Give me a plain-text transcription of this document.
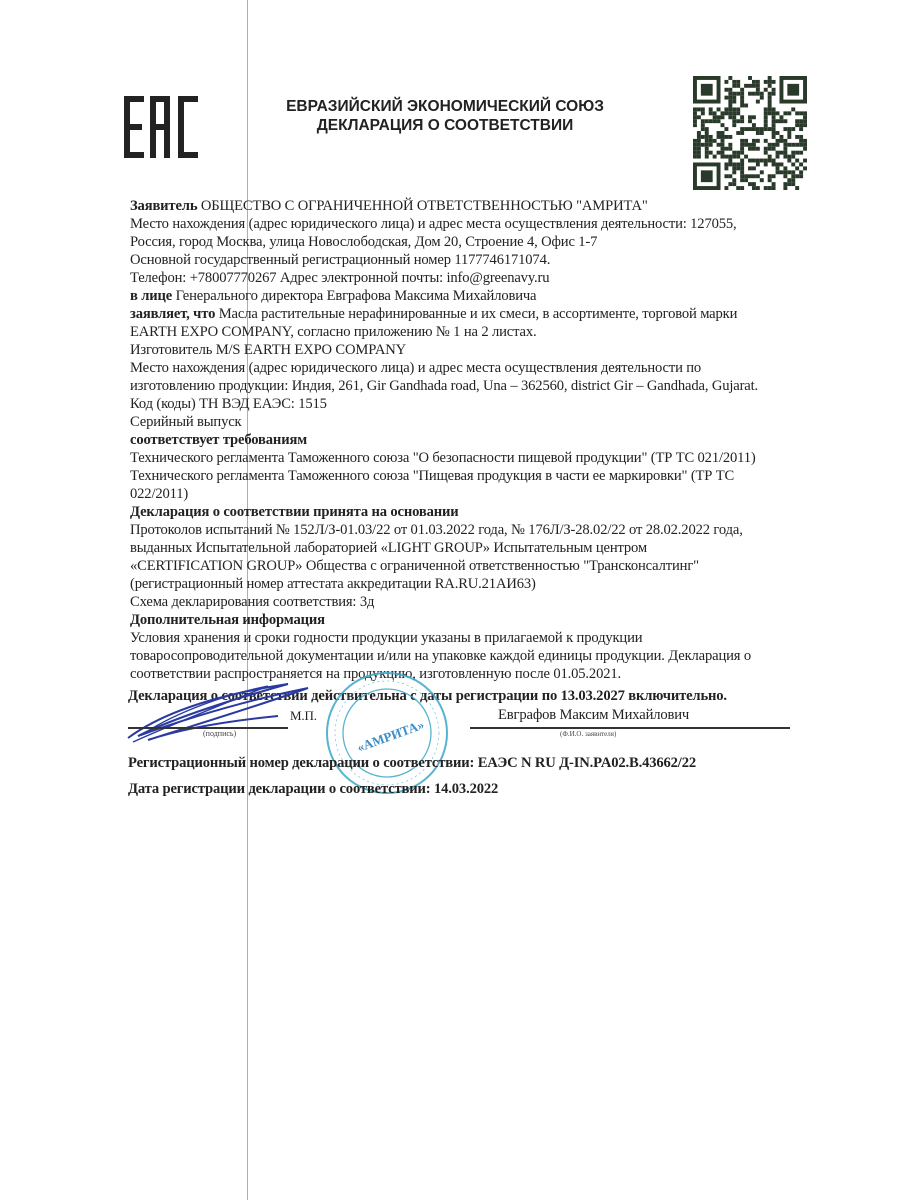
ЕВРАЗИЙСКИЙ ЭКОНОМИЧЕСКИЙ СОЮЗ
ДЕКЛАРАЦИЯ О СООТВЕТСТВИИ
Заявитель ОБЩЕСТВО С ОГРАНИЧЕННОЙ ОТВЕТСТВЕННОСТЬЮ "АМРИТА"
Место нахождения (адрес юридического лица) и адрес места осуществления деятельности: 127055,
Россия, город Москва, улица Новослободская, Дом 20, Строение 4, Офис 1-7
Основной государственный регистрационный номер 1177746171074.
Телефон: +78007770267 Адрес электронной почты: info@greenavy.ru
в лице Генерального директора Евграфова Максима Михайловича
заявляет, что Масла растительные нерафинированные и их смеси, в ассортименте, торговой марки
EARTH EXPO COMPANY, согласно приложению № 1 на 2 листах.
Изготовитель M/S EARTH EXPO COMPANY
Место нахождения (адрес юридического лица) и адрес места осуществления деятельности по
изготовлению продукции: Индия, 261, Gir Gandhada road, Una – 362560, district Gir – Gandhada, Gujarat.
Код (коды) ТН ВЭД ЕАЭС: 1515
Серийный выпуск
соответствует требованиям
Технического регламента Таможенного союза "О безопасности пищевой продукции" (ТР ТС 021/2011)
Технического регламента Таможенного союза "Пищевая продукция в части ее маркировки" (ТР ТС
022/2011)
Декларация о соответствии принята на основании
Протоколов испытаний № 152Л/З-01.03/22 от 01.03.2022 года, № 176Л/З-28.02/22 от 28.02.2022 года,
выданных Испытательной лабораторией «LIGHT GROUP» Испытательным центром
«CERTIFICATION GROUP» Общества с ограниченной ответственностью "Трансконсалтинг"
(регистрационный номер аттестата аккредитации RA.RU.21АИ63)
Схема декларирования соответствия: 3д
Дополнительная информация
Условия хранения и сроки годности продукции указаны в прилагаемой к продукции
товаросопроводительной документации и/или на упаковке каждой единицы продукции. Декларация о
соответствии распространяется на продукцию, изготовленную после 01.05.2021.
Декларация о соответствии действительна с даты регистрации по 13.03.2027 включительно.
«АМРИТА»
М.П.	Евграфов Максим Михайлович
(подпись)	(Ф.И.О. заявителя)
Регистрационный номер декларации о соответствии: ЕАЭС N RU Д-IN.PA02.B.43662/22
Дата регистрации декларации о соответствии: 14.03.2022
